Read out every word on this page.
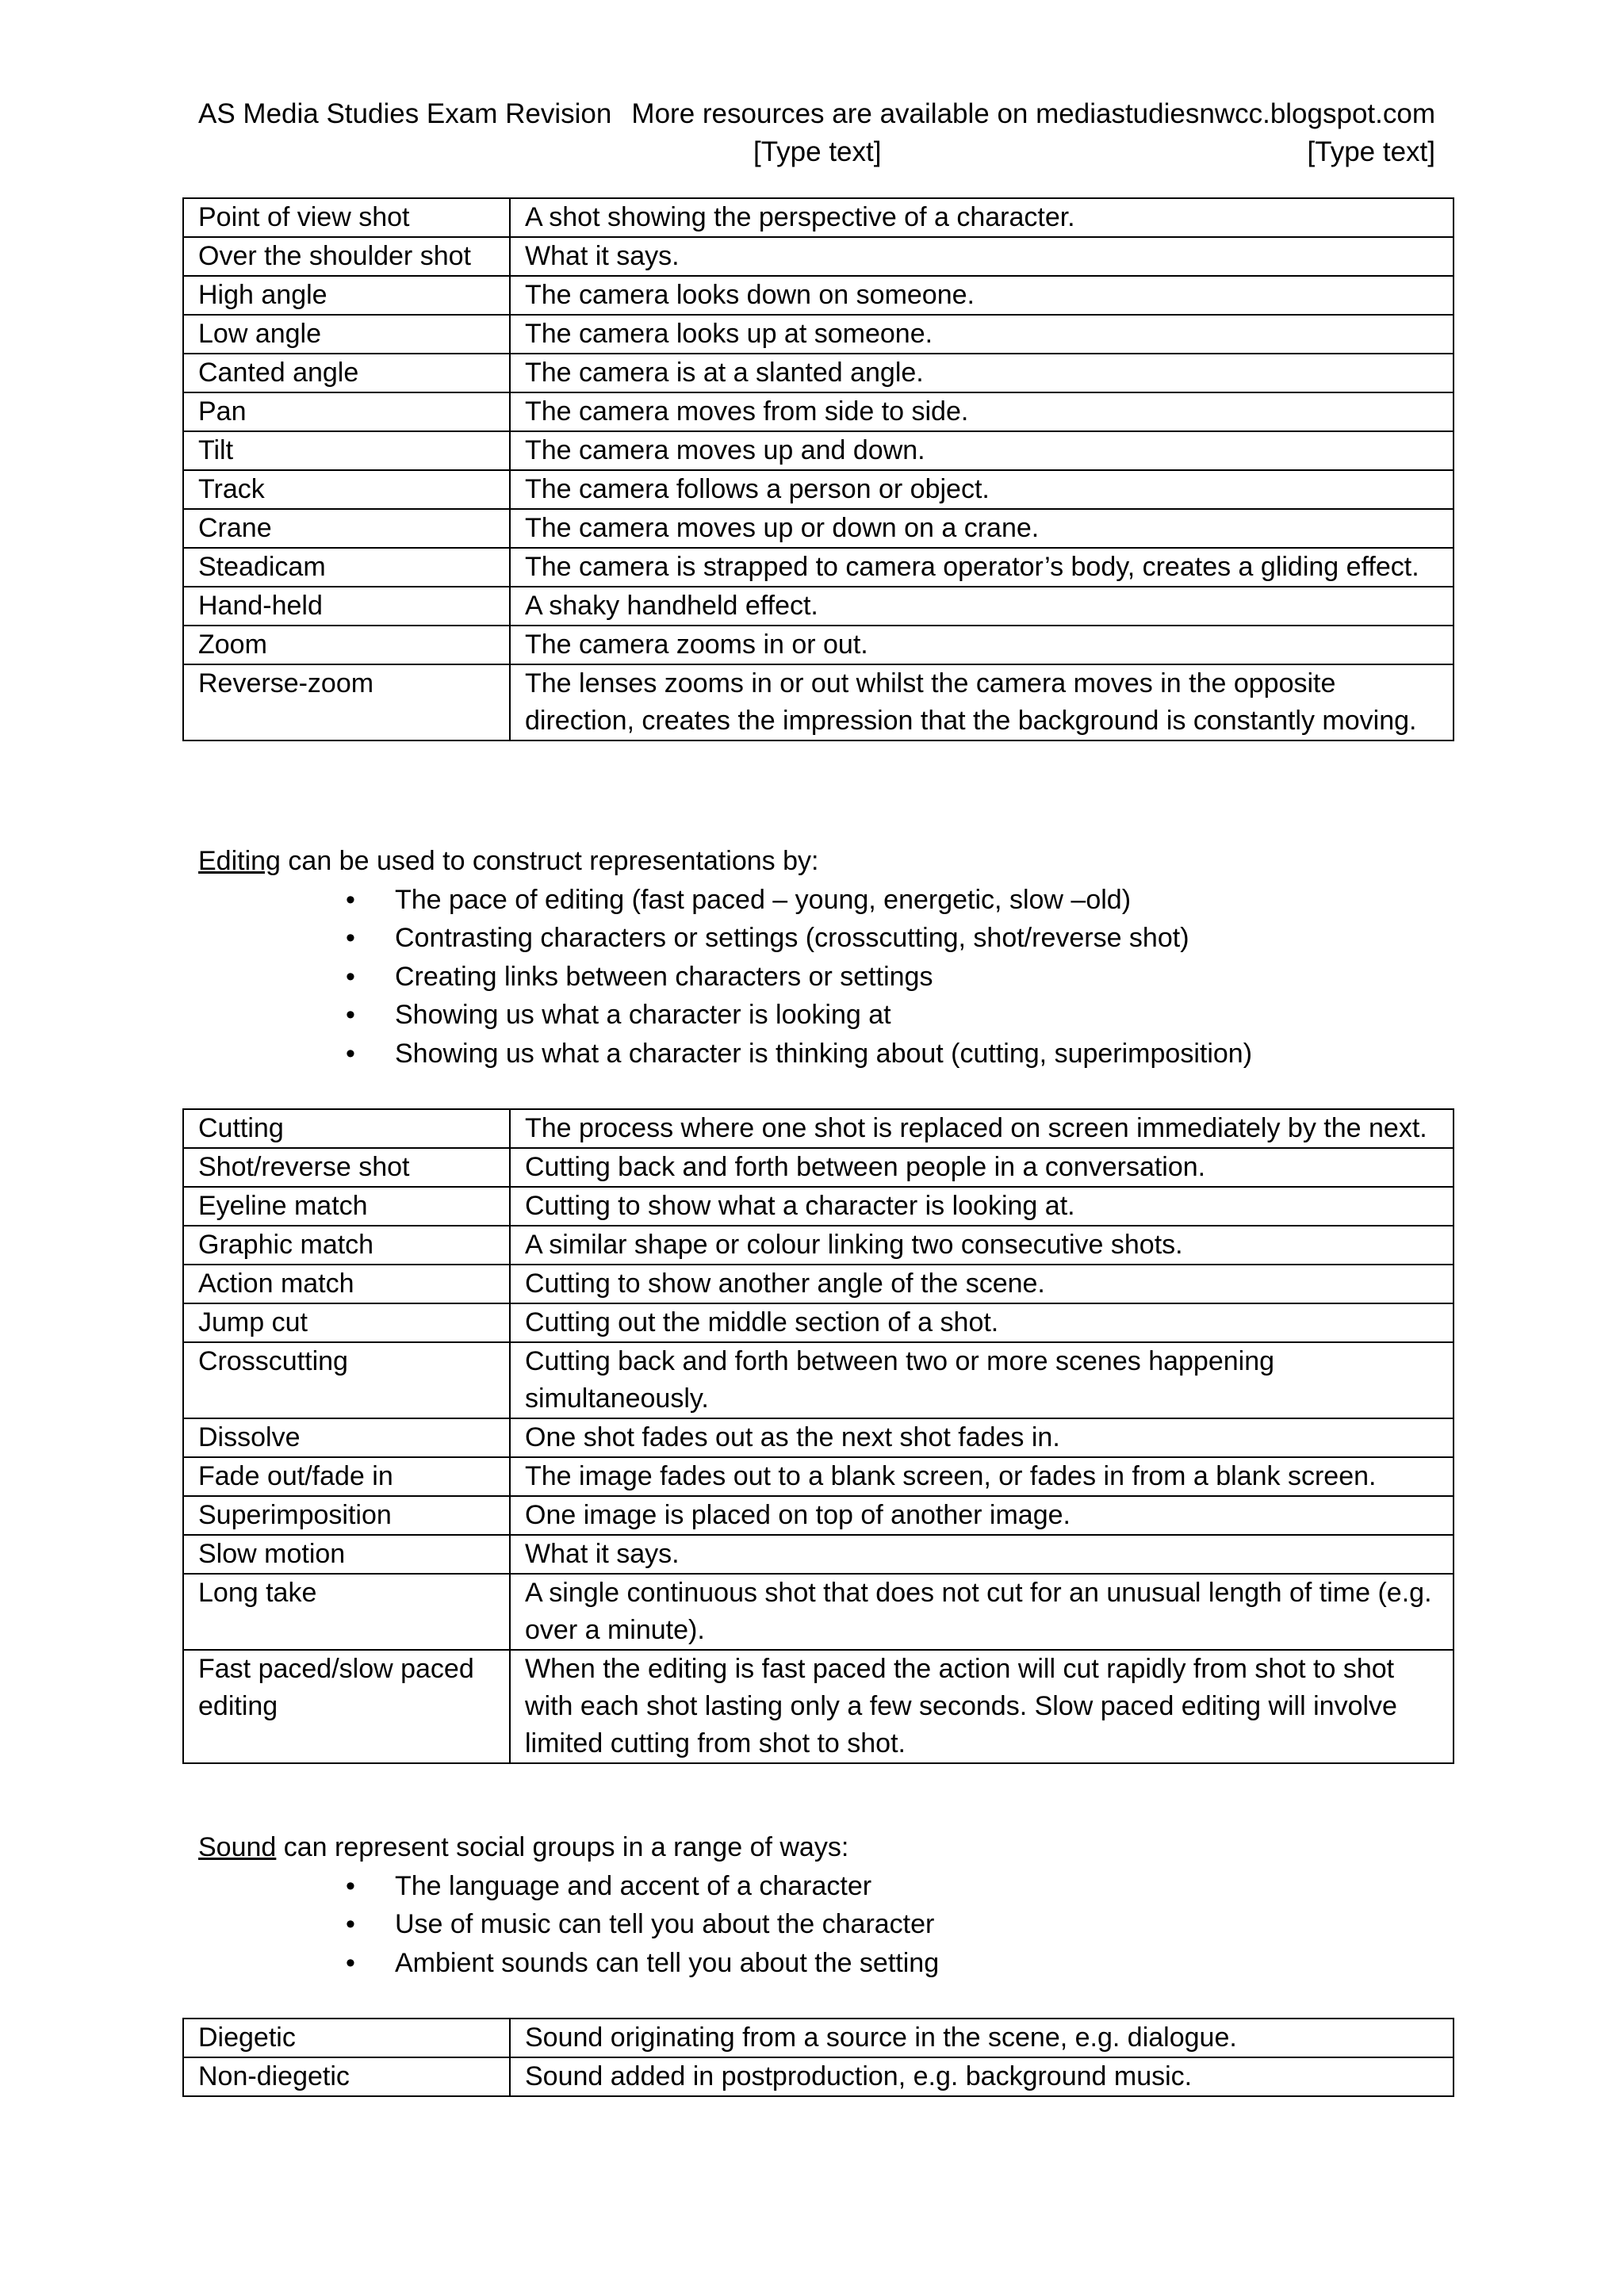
AS Media Studies Exam Revision More resources are available on mediastudiesnwcc.blogspot.com
[Type text]	[Type text]
Point of view shot	A shot showing the perspective of a character.
Over the shoulder shot	What it says.
High angle	The camera looks down on someone.
Low angle	The camera looks up at someone.
Canted angle	The camera is at a slanted angle.
Pan	The camera moves from side to side.
Tilt	The camera moves up and down.
Track	The camera follows a person or object.
Crane	The camera moves up or down on a crane.
Steadicam	The camera is strapped to camera operator’s body, creates a gliding effect.
Hand-held	A shaky handheld effect.
Zoom	The camera zooms in or out.
Reverse-zoom	The lenses zooms in or out whilst the camera moves in the opposite direction, creates the impression that the background is constantly moving.

Editing can be used to construct representations by:

• The pace of editing (fast paced – young, energetic, slow –old)
• Contrasting characters or settings (crosscutting, shot/reverse shot)
• Creating links between characters or settings
• Showing us what a character is looking at
• Showing us what a character is thinking about (cutting, superimposition)
Cutting	The process where one shot is replaced on screen immediately by the next.
Shot/reverse shot	Cutting back and forth between people in a conversation.
Eyeline match	Cutting to show what a character is looking at.
Graphic match	A similar shape or colour linking two consecutive shots.
Action match	Cutting to show another angle of the scene.
Jump cut	Cutting out the middle section of a shot.
Crosscutting	Cutting back and forth between two or more scenes happening simultaneously.
Dissolve	One shot fades out as the next shot fades in.
Fade out/fade in	The image fades out to a blank screen, or fades in from a blank screen.
Superimposition	One image is placed on top of another image.
Slow motion	What it says.
Long take	A single continuous shot that does not cut for an unusual length of time (e.g. over a minute).
Fast paced/slow paced editing	When the editing is fast paced the action will cut rapidly from shot to shot with each shot lasting only a few seconds. Slow paced editing will involve limited cutting from shot to shot.

Sound can represent social groups in a range of ways:

• The language and accent of a character
• Use of music can tell you about the character
• Ambient sounds can tell you about the setting
Diegetic	Sound originating from a source in the scene, e.g. dialogue.
Non-diegetic	Sound added in postproduction, e.g. background music.
